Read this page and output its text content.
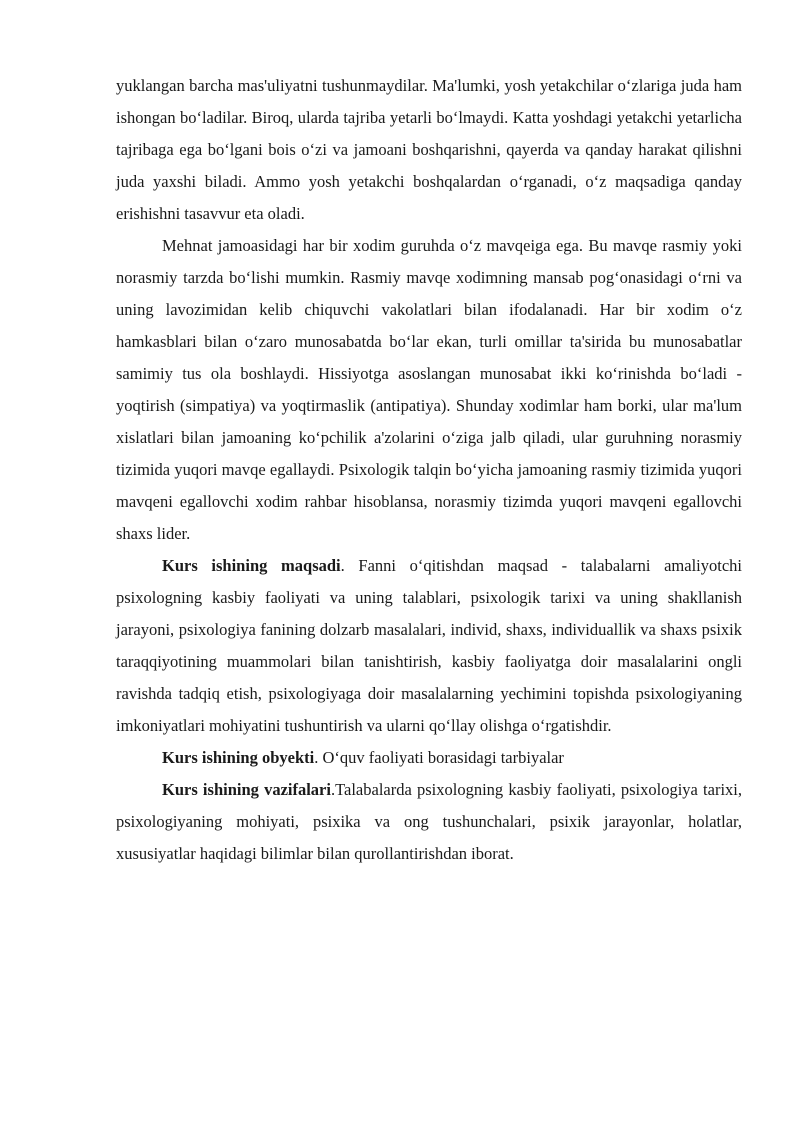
yuklangan barcha mas'uliyatni tushunmaydilar. Ma'lumki, yosh yetakchilar o‘zlariga juda ham ishongan bo‘ladilar. Biroq, ularda tajriba yetarli bo‘lmaydi. Katta yoshdagi yetakchi yetarlicha tajribaga ega bo‘lgani bois o‘zi va jamoani boshqarishni, qayerda va qanday harakat qilishni juda yaxshi biladi. Ammo yosh yetakchi boshqalardan o‘rganadi, o‘z maqsadiga qanday erishishni tasavvur eta oladi.

Mehnat jamoasidagi har bir xodim guruhda o‘z mavqeiga ega. Bu mavqe rasmiy yoki norasmiy tarzda bo‘lishi mumkin. Rasmiy mavqe xodimning mansab pog‘onasidagi o‘rni va uning lavozimidan kelib chiquvchi vakolatlari bilan ifodalanadi. Har bir xodim o‘z hamkasblari bilan o‘zaro munosabatda bo‘lar ekan, turli omillar ta'sirida bu munosabatlar samimiy tus ola boshlaydi. Hissiyotga asoslangan munosabat ikki ko‘rinishda bo‘ladi - yoqtirish (simpatiya) va yoqtirmaslik (antipatiya). Shunday xodimlar ham borki, ular ma'lum xislatlari bilan jamoaning ko‘pchilik a'zolarini o‘ziga jalb qiladi, ular guruhning norasmiy tizimida yuqori mavqe egallaydi. Psixologik talqin bo‘yicha jamoaning rasmiy tizimida yuqori mavqeni egallovchi xodim rahbar hisoblansa, norasmiy tizimda yuqori mavqeni egallovchi shaxs lider.

Kurs ishining maqsadi. Fanni o‘qitishdan maqsad - talabalarni amaliyotchi psixologning kasbiy faoliyati va uning talablari, psixologik tarixi va uning shakllanish jarayoni, psixologiya fanining dolzarb masalalari, individ, shaxs, individuallik va shaxs psixik taraqqiyotining muammolari bilan tanishtirish, kasbiy faoliyatga doir masalalarini ongli ravishda tadqiq etish, psixologiyaga doir masalalarning yechimini topishda psixologiyaning imkoniyatlari mohiyatini tushuntirish va ularni qo‘llay olishga o‘rgatishdir.

Kurs ishining obyekti. O‘quv faoliyati borasidagi tarbiyalar

Kurs ishining vazifalari.Talabalarda psixologning kasbiy faoliyati, psixologiya tarixi, psixologiyaning mohiyati, psixika va ong tushunchalari, psixik jarayonlar, holatlar, xususiyatlar haqidagi bilimlar bilan qurollantirishdan iborat.
